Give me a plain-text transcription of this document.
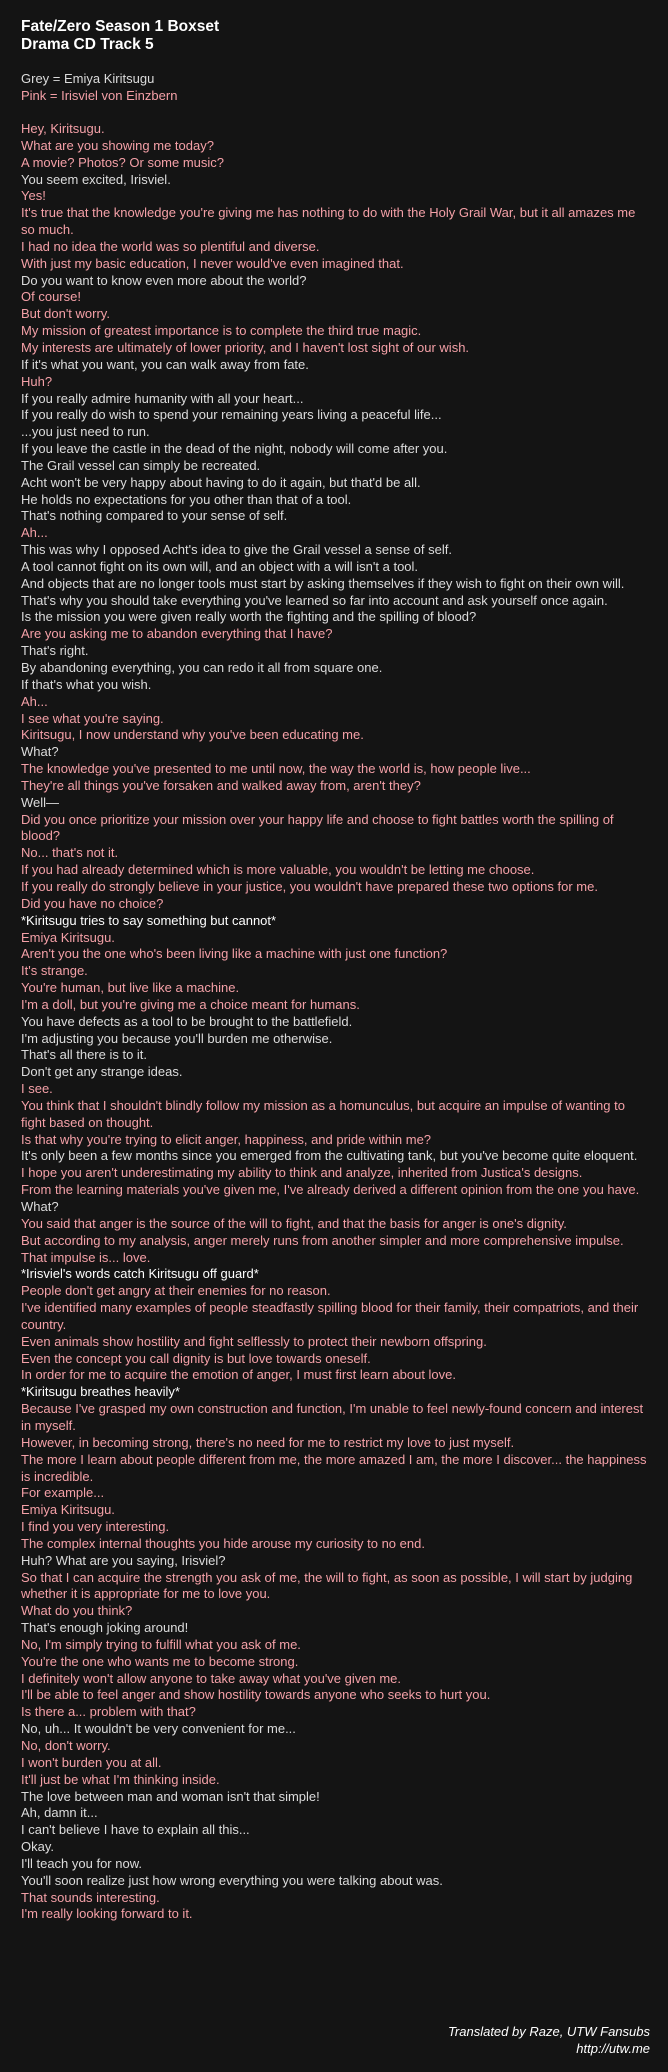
Fate/Zero Season 1 Boxset
Drama CD Track 5
Grey = Emiya Kiritsugu
Pink = Irisviel von Einzbern
Hey, Kiritsugu.
What are you showing me today?
A movie? Photos? Or some music?
You seem excited, Irisviel.
Yes!
It's true that the knowledge you're giving me has nothing to do with the Holy Grail War, but it all amazes me so much.
I had no idea the world was so plentiful and diverse.
With just my basic education, I never would've even imagined that.
Do you want to know even more about the world?
Of course!
But don't worry.
My mission of greatest importance is to complete the third true magic.
My interests are ultimately of lower priority, and I haven't lost sight of our wish.
If it's what you want, you can walk away from fate.
Huh?
If you really admire humanity with all your heart...
If you really do wish to spend your remaining years living a peaceful life...
...you just need to run.
If you leave the castle in the dead of the night, nobody will come after you.
The Grail vessel can simply be recreated.
Acht won't be very happy about having to do it again, but that'd be all.
He holds no expectations for you other than that of a tool.
That's nothing compared to your sense of self.
Ah...
This was why I opposed Acht's idea to give the Grail vessel a sense of self.
A tool cannot fight on its own will, and an object with a will isn't a tool.
And objects that are no longer tools must start by asking themselves if they wish to fight on their own will.
That's why you should take everything you've learned so far into account and ask yourself once again.
Is the mission you were given really worth the fighting and the spilling of blood?
Are you asking me to abandon everything that I have?
That's right.
By abandoning everything, you can redo it all from square one.
If that's what you wish.
Ah...
I see what you're saying.
Kiritsugu, I now understand why you've been educating me.
What?
The knowledge you've presented to me until now, the way the world is, how people live...
They're all things you've forsaken and walked away from, aren't they?
Well—
Did you once prioritize your mission over your happy life and choose to fight battles worth the spilling of blood?
No... that's not it.
If you had already determined which is more valuable, you wouldn't be letting me choose.
If you really do strongly believe in your justice, you wouldn't have prepared these two options for me.
Did you have no choice?
*Kiritsugu tries to say something but cannot*
Emiya Kiritsugu.
Aren't you the one who's been living like a machine with just one function?
It's strange.
You're human, but live like a machine.
I'm a doll, but you're giving me a choice meant for humans.
You have defects as a tool to be brought to the battlefield.
I'm adjusting you because you'll burden me otherwise.
That's all there is to it.
Don't get any strange ideas.
I see.
You think that I shouldn't blindly follow my mission as a homunculus, but acquire an impulse of wanting to fight based on thought.
Is that why you're trying to elicit anger, happiness, and pride within me?
It's only been a few months since you emerged from the cultivating tank, but you've become quite eloquent.
I hope you aren't underestimating my ability to think and analyze, inherited from Justica's designs.
From the learning materials you've given me, I've already derived a different opinion from the one you have.
What?
You said that anger is the source of the will to fight, and that the basis for anger is one's dignity.
But according to my analysis, anger merely runs from another simpler and more comprehensive impulse.
That impulse is... love.
*Irisviel's words catch Kiritsugu off guard*
People don't get angry at their enemies for no reason.
I've identified many examples of people steadfastly spilling blood for their family, their compatriots, and their country.
Even animals show hostility and fight selflessly to protect their newborn offspring.
Even the concept you call dignity is but love towards oneself.
In order for me to acquire the emotion of anger, I must first learn about love.
*Kiritsugu breathes heavily*
Because I've grasped my own construction and function, I'm unable to feel newly-found concern and interest in myself.
However, in becoming strong, there's no need for me to restrict my love to just myself.
The more I learn about people different from me, the more amazed I am, the more I discover... the happiness is incredible.
For example...
Emiya Kiritsugu.
I find you very interesting.
The complex internal thoughts you hide arouse my curiosity to no end.
Huh? What are you saying, Irisviel?
So that I can acquire the strength you ask of me, the will to fight, as soon as possible, I will start by judging whether it is appropriate for me to love you.
What do you think?
That's enough joking around!
No, I'm simply trying to fulfill what you ask of me.
You're the one who wants me to become strong.
I definitely won't allow anyone to take away what you've given me.
I'll be able to feel anger and show hostility towards anyone who seeks to hurt you.
Is there a... problem with that?
No, uh... It wouldn't be very convenient for me...
No, don't worry.
I won't burden you at all.
It'll just be what I'm thinking inside.
The love between man and woman isn't that simple!
Ah, damn it...
I can't believe I have to explain all this...
Okay.
I'll teach you for now.
You'll soon realize just how wrong everything you were talking about was.
That sounds interesting.
I'm really looking forward to it.
Translated by Raze, UTW Fansubs
http://utw.me
